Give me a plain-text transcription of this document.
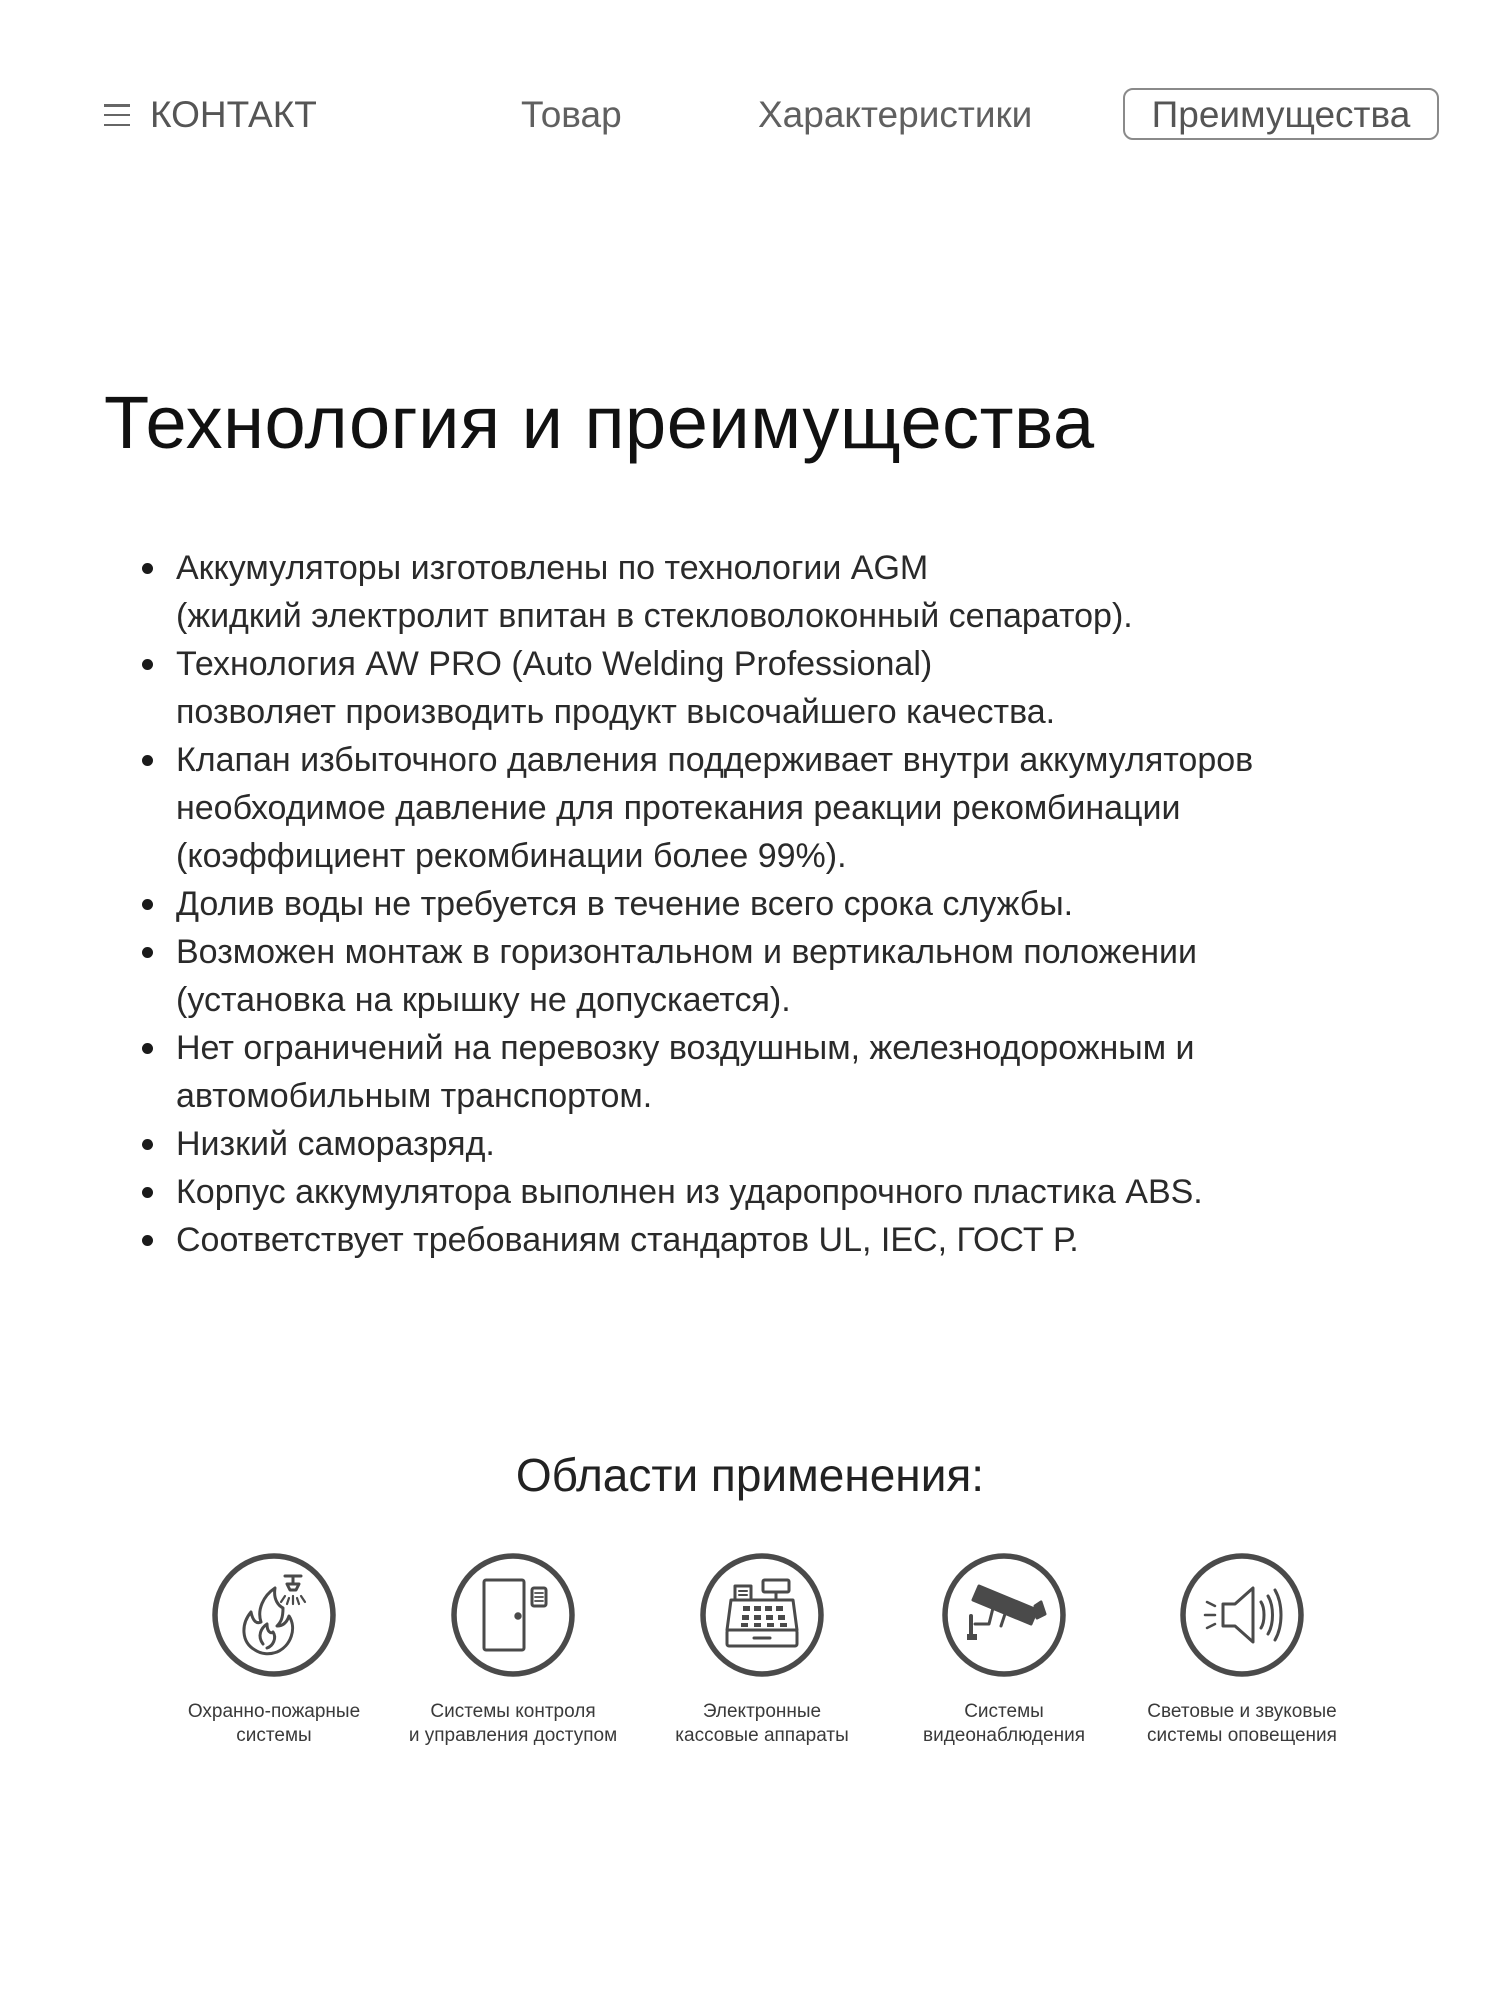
КОНТАКТ	Товар	Характеристики	Преимущества
Технология и преимущества
Аккумуляторы изготовлены по технологии AGM
(жидкий электролит впитан в стекловолоконный сепаратор).
Технология AW PRO (Auto Welding Professional)
позволяет производить продукт высочайшего качества.
Клапан избыточного давления поддерживает внутри аккумуляторов
необходимое давление для протекания реакции рекомбинации
(коэффициент рекомбинации более 99%).
Долив воды не требуется в течение всего срока службы.
Возможен монтаж в горизонтальном и вертикальном положении
(установка на крышку не допускается).
Нет ограничений на перевозку воздушным, железнодорожным и
автомобильным транспортом.
Низкий саморазряд.
Корпус аккумулятора выполнен из ударопрочного пластика ABS.
Соответствует требованиям стандартов UL, IEC, ГОСТ Р.
Области применения:
Охранно-пожарные
системы
Системы контроля
и управления доступом
Электронные
кассовые аппараты
Системы
видеонаблюдения
Световые и звуковые
системы оповещения
